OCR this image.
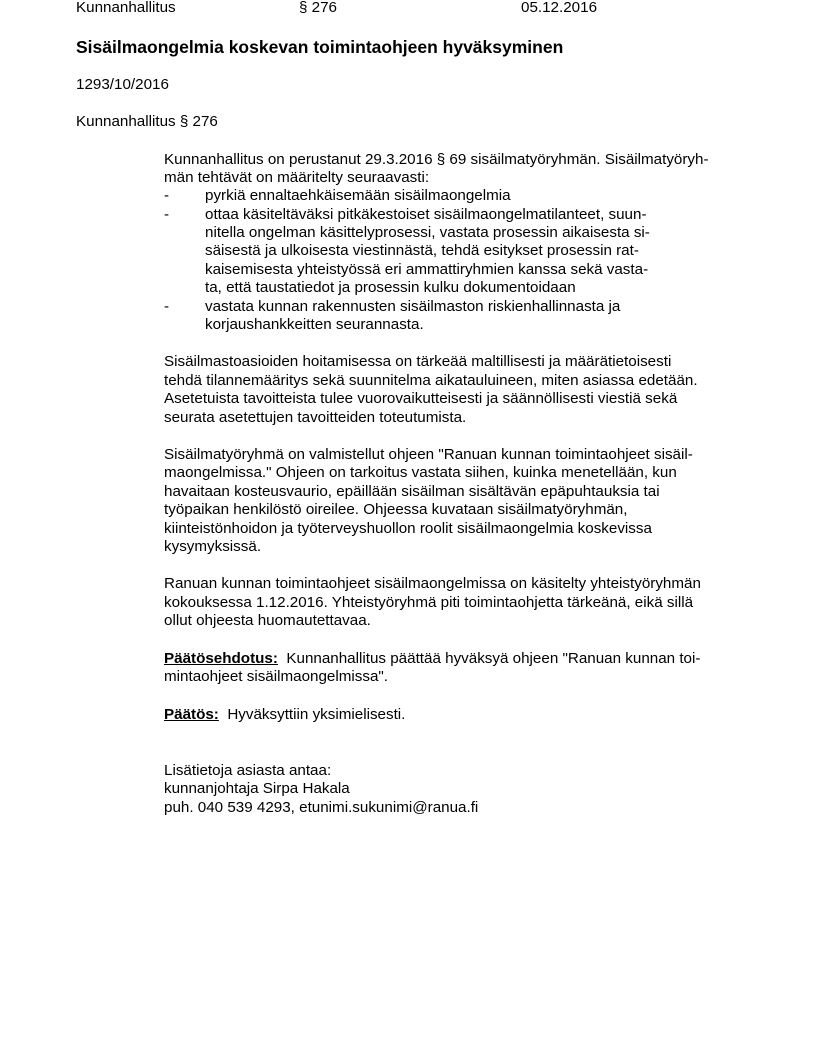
Kunnanhallitus	§ 276	05.12.2016
Sisäilmaongelmia koskevan toimintaohjeen hyväksyminen
1293/10/2016
Kunnanhallitus § 276
Kunnanhallitus on perustanut 29.3.2016 § 69 sisäilmatyöryhmän. Sisäilmatyöryh-
män tehtävät on määritelty seuraavasti:
- pyrkiä ennaltaehkäisemään sisäilmaongelmia
- ottaa käsiteltäväksi pitkäkestoiset sisäilmaongelmatilanteet, suun-
nitella ongelman käsittelyprosessi, vastata prosessin aikaisesta si-
säisestä ja ulkoisesta viestinnästä, tehdä esitykset prosessin rat-
kaisemisesta yhteistyössä eri ammattiryhmien kanssa sekä vasta-
ta, että taustatiedot ja prosessin kulku dokumentoidaan
- vastata kunnan rakennusten sisäilmaston riskienhallinnasta ja
korjaushankkeitten seurannasta.
Sisäilmastoasioiden hoitamisessa on tärkeää maltillisesti ja määrätietoisesti
tehdä tilannemääritys sekä suunnitelma aikatauluineen, miten asiassa edetään.
Asetetuista tavoitteista tulee vuorovaikutteisesti ja säännöllisesti viestiä sekä
seurata asetettujen tavoitteiden toteutumista.
Sisäilmatyöryhmä on valmistellut ohjeen "Ranuan kunnan toimintaohjeet sisäil-
maongelmissa." Ohjeen on tarkoitus vastata siihen, kuinka menetellään, kun
havaitaan kosteusvaurio, epäillään sisäilman sisältävän epäpuhtauksia tai
työpaikan henkilöstö oireilee. Ohjeessa kuvataan sisäilmatyöryhmän,
kiinteistönhoidon ja työterveyshuollon roolit sisäilmaongelmia koskevissa
kysymyksissä.
Ranuan kunnan toimintaohjeet sisäilmaongelmissa on käsitelty yhteistyöryhmän
kokouksessa 1.12.2016. Yhteistyöryhmä piti toimintaohjetta tärkeänä, eikä sillä
ollut ohjeesta huomautettavaa.
Päätösehdotus: Kunnanhallitus päättää hyväksyä ohjeen "Ranuan kunnan toi-
mintaohjeet sisäilmaongelmissa".
Päätös: Hyväksyttiin yksimielisesti.
Lisätietoja asiasta antaa:
kunnanjohtaja Sirpa Hakala
puh. 040 539 4293, etunimi.sukunimi@ranua.fi
